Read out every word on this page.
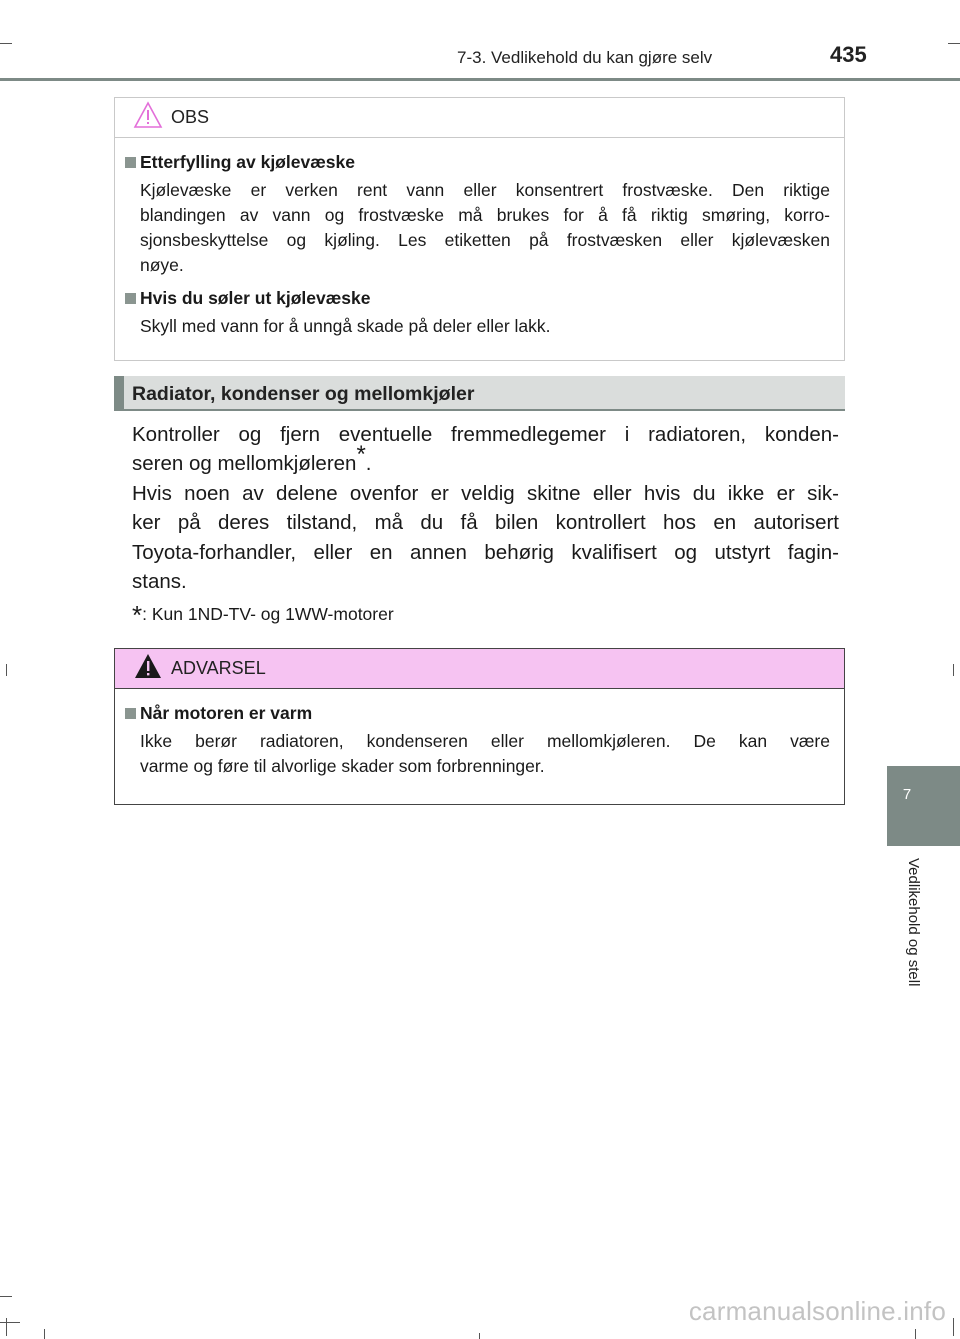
7-3. Vedlikehold du kan gjøre selv	435
7
Vedlikehold og stell
OBS
Etterfylling av kjølevæske
Kjølevæske er verken rent vann eller konsentrert frostvæske. Den riktige
blandingen av vann og frostvæske må brukes for å få riktig smøring, korro-
sjonsbeskyttelse og kjøling. Les etiketten på frostvæsken eller kjølevæsken
nøye.
Hvis du søler ut kjølevæske
Skyll med vann for å unngå skade på deler eller lakk.
Radiator, kondenser og mellomkjøler
Kontroller og fjern eventuelle fremmedlegemer i radiatoren, konden-
seren og mellomkjøleren*.
Hvis noen av delene ovenfor er veldig skitne eller hvis du ikke er sik-
ker på deres tilstand, må du få bilen kontrollert hos en autorisert
Toyota-forhandler, eller en annen behørig kvalifisert og utstyrt fagin-
stans.
*: Kun 1ND-TV- og 1WW-motorer
ADVARSEL
Når motoren er varm
Ikke berør radiatoren, kondenseren eller mellomkjøleren. De kan være
varme og føre til alvorlige skader som forbrenninger.
carmanualsonline.info
